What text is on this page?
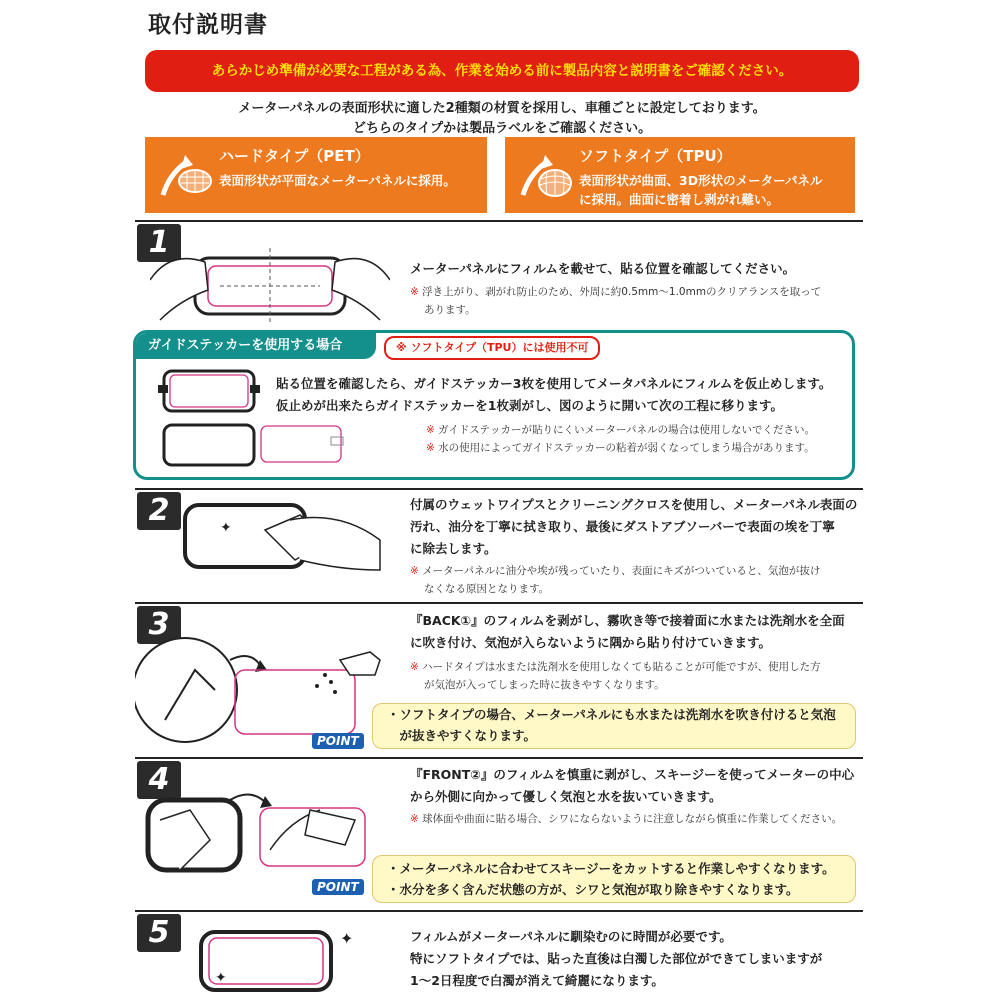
取付説明書
あらかじめ準備が必要な工程がある為、作業を始める前に製品内容と説明書をご確認ください。
メーターパネルの表面形状に適した2種類の材質を採用し、車種ごとに設定しております。
どちらのタイプかは製品ラベルをご確認ください。
ハードタイプ（PET）
表面形状が平面なメーターパネルに採用。
ソフトタイプ（TPU）
表面形状が曲面、3D形状のメーターパネル
に採用。曲面に密着し剥がれ難い。
1
メーターパネルにフィルムを載せて、貼る位置を確認してください。
※ 浮き上がり、剥がれ防止のため、外周に約0.5mm～1.0mmのクリアランスを取って
あります。
ガイドステッカーを使用する場合	※ ソフトタイプ（TPU）には使用不可
貼る位置を確認したら、ガイドステッカー3枚を使用してメータパネルにフィルムを仮止めします。
仮止めが出来たらガイドステッカーを1枚剥がし、図のように開いて次の工程に移ります。
※ ガイドステッカーが貼りにくいメーターパネルの場合は使用しないでください。
※ 水の使用によってガイドステッカーの粘着が弱くなってしまう場合があります。
2	✦
付属のウェットワイプスとクリーニングクロスを使用し、メーターパネル表面の
汚れ、油分を丁寧に拭き取り、最後にダストアブソーバーで表面の埃を丁寧
に除去します。
※ メーターパネルに油分や埃が残っていたり、表面にキズがついていると、気泡が抜け
なくなる原因となります。
3	『BACK①』のフィルムを剥がし、霧吹き等で接着面に水または洗剤水を全面
に吹き付け、気泡が入らないように隅から貼り付けていきます。
※ ハードタイプは水または洗剤水を使用しなくても貼ることが可能ですが、使用した方
が気泡が入ってしまった時に抜きやすくなります。
・ソフトタイプの場合、メーターパネルにも水または洗剤水を吹き付けると気泡
　が抜きやすくなります。
POINT
4	『FRONT②』のフィルムを慎重に剥がし、スキージーを使ってメーターの中心
から外側に向かって優しく気泡と水を抜いていきます。
※ 球体面や曲面に貼る場合、シワにならないように注意しながら慎重に作業してください。
・メーターパネルに合わせてスキージーをカットすると作業しやすくなります。
・水分を多く含んだ状態の方が、シワと気泡が取り除きやすくなります。
POINT
5	✦
✦
フィルムがメーターパネルに馴染むのに時間が必要です。
特にソフトタイプでは、貼った直後は白濁した部位ができてしまいますが
1～2日程度で白濁が消えて綺麗になります。
